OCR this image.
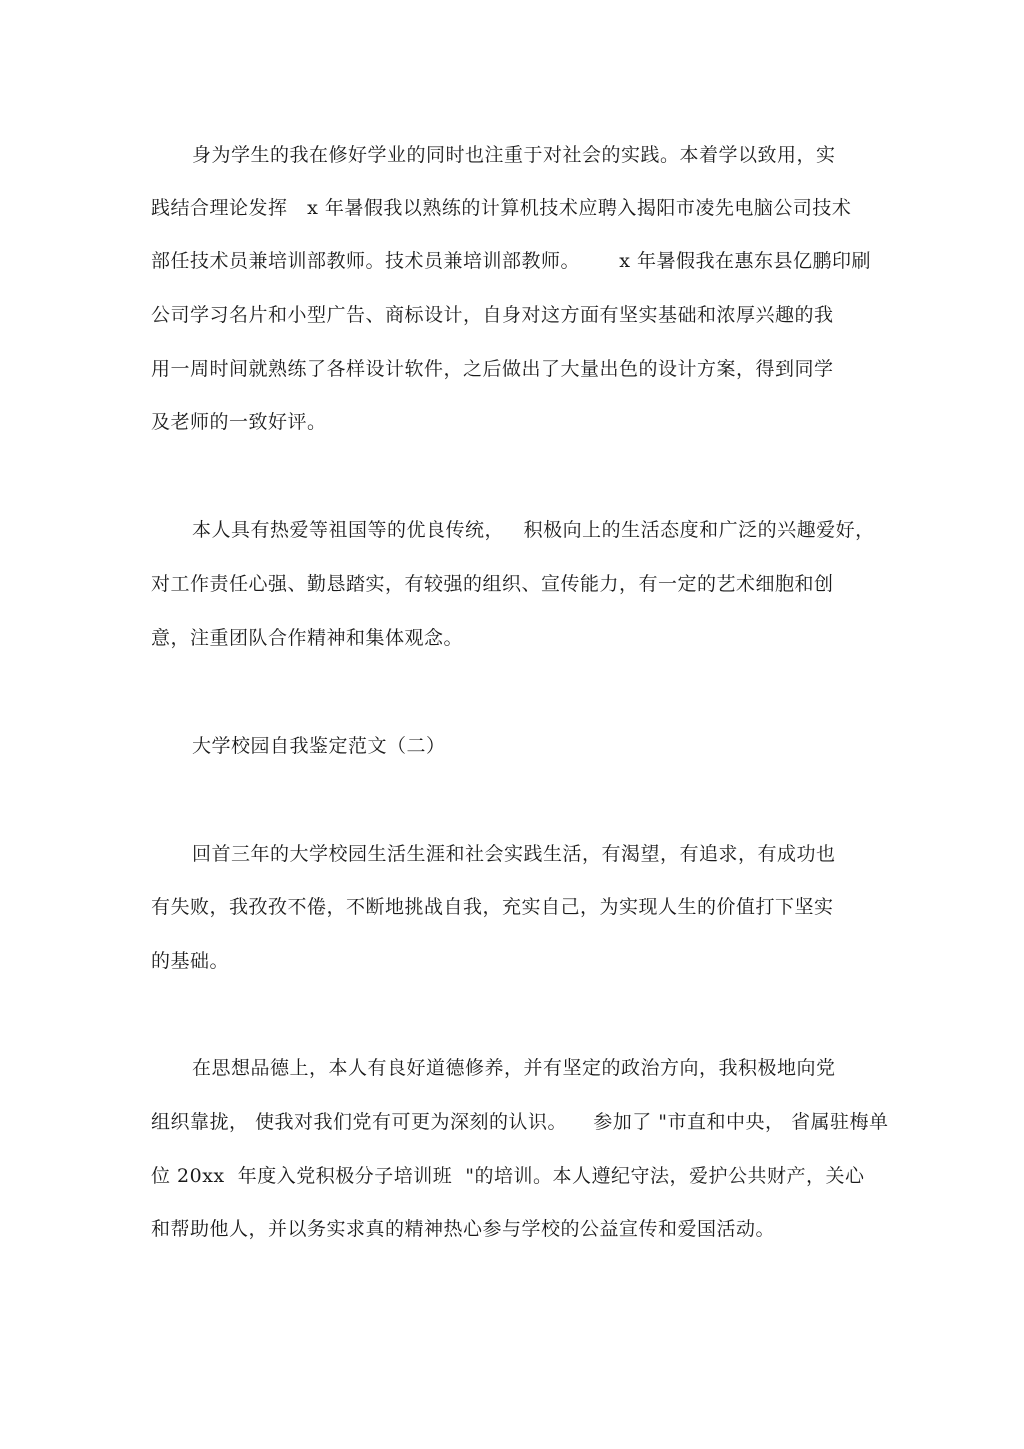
身为学生的我在修好学业的同时也注重于对社会的实践。本着学以致用，实
践结合理论发挥   x 年暑假我以熟练的计算机技术应聘入揭阳市凌先电脑公司技术
部任技术员兼培训部教师。技术员兼培训部教师。      x 年暑假我在惠东县亿鹏印刷
公司学习名片和小型广告、商标设计，自身对这方面有坚实基础和浓厚兴趣的我
用一周时间就熟练了各样设计软件，之后做出了大量出色的设计方案，得到同学
及老师的一致好评。
本人具有热爱等祖国等的优良传统，   积极向上的生活态度和广泛的兴趣爱好，
对工作责任心强、勤恳踏实，有较强的组织、宣传能力，有一定的艺术细胞和创
意，注重团队合作精神和集体观念。
大学校园自我鉴定范文（二）
回首三年的大学校园生活生涯和社会实践生活，有渴望，有追求，有成功也
有失败，我孜孜不倦，不断地挑战自我，充实自己，为实现人生的价值打下坚实
的基础。
在思想品德上，本人有良好道德修养，并有坚定的政治方向，我积极地向党
组织靠拢， 使我对我们党有可更为深刻的认识。    参加了 "市直和中央， 省属驻梅单
位 20xx  年度入党积极分子培训班  "的培训。本人遵纪守法，爱护公共财产，关心
和帮助他人，并以务实求真的精神热心参与学校的公益宣传和爱国活动。
